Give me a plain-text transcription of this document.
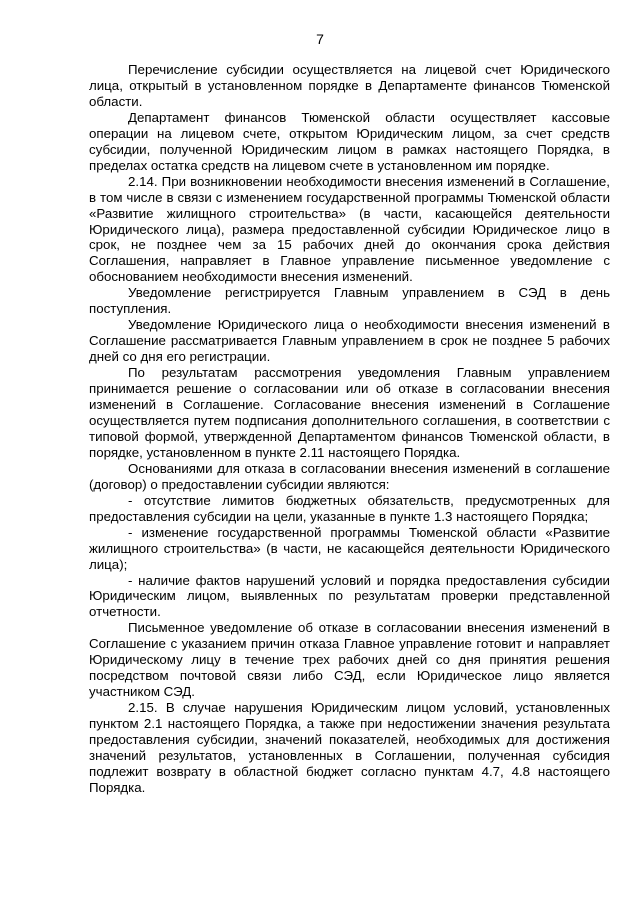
7

Перечисление субсидии осуществляется на лицевой счет Юридического лица, открытый в установленном порядке в Департаменте финансов Тюменской области.

Департамент финансов Тюменской области осуществляет кассовые операции на лицевом счете, открытом Юридическим лицом, за счет средств субсидии, полученной Юридическим лицом в рамках настоящего Порядка, в пределах остатка средств на лицевом счете в установленном им порядке.

2.14. При возникновении необходимости внесения изменений в Соглашение, в том числе в связи с изменением государственной программы Тюменской области «Развитие жилищного строительства» (в части, касающейся деятельности Юридического лица), размера предоставленной субсидии Юридическое лицо в срок, не позднее чем за 15 рабочих дней до окончания срока действия Соглашения, направляет в Главное управление письменное уведомление с обоснованием необходимости внесения изменений.

Уведомление регистрируется Главным управлением в СЭД в день поступления.

Уведомление Юридического лица о необходимости внесения изменений в Соглашение рассматривается Главным управлением в срок не позднее 5 рабочих дней со дня его регистрации.

По результатам рассмотрения уведомления Главным управлением принимается решение о согласовании или об отказе в согласовании внесения изменений в Соглашение. Согласование внесения изменений в Соглашение осуществляется путем подписания дополнительного соглашения, в соответствии с типовой формой, утвержденной Департаментом финансов Тюменской области, в порядке, установленном в пункте 2.11 настоящего Порядка.

Основаниями для отказа в согласовании внесения изменений в соглашение (договор) о предоставлении субсидии являются:

- отсутствие лимитов бюджетных обязательств, предусмотренных для предоставления субсидии на цели, указанные в пункте 1.3 настоящего Порядка;

- изменение государственной программы Тюменской области «Развитие жилищного строительства» (в части, не касающейся деятельности Юридического лица);

- наличие фактов нарушений условий и порядка предоставления субсидии Юридическим лицом, выявленных по результатам проверки представленной отчетности.

Письменное уведомление об отказе в согласовании внесения изменений в Соглашение с указанием причин отказа Главное управление готовит и направляет Юридическому лицу в течение трех рабочих дней со дня принятия решения посредством почтовой связи либо СЭД, если Юридическое лицо является участником СЭД.

2.15. В случае нарушения Юридическим лицом условий, установленных пунктом 2.1 настоящего Порядка, а также при недостижении значения результата предоставления субсидии, значений показателей, необходимых для достижения значений результатов, установленных в Соглашении, полученная субсидия подлежит возврату в областной бюджет согласно пунктам 4.7, 4.8 настоящего Порядка.
